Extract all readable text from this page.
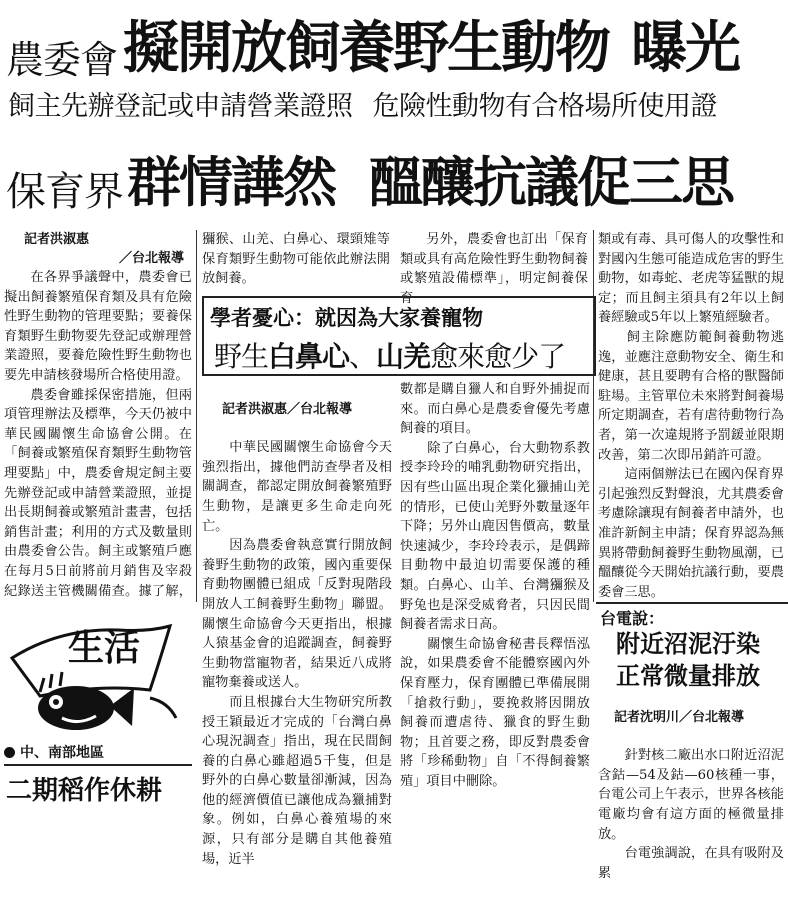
農委會 擬開放飼養野生動物 曝光
飼主先辦登記或申請營業證照 危險性動物有合格場所使用證
保育界群情譁然 醞釀抗議促三思
記者洪淑惠
／台北報導

在各界爭議聲中，農委會已擬出飼養繁殖保育類及具有危險性野生動物的管理要點；要養保育類野生動物要先登記或辦理營業證照，要養危險性野生動物也要先申請核發場所合格使用證。

農委會雖採保密措施，但兩項管理辦法及標準，今天仍被中華民國關懷生命協會公開。在「飼養或繁殖保育類野生動物管理要點」中，農委會規定飼主要先辦登記或申請營業證照，並提出長期飼養或繁殖計畫書，包括銷售計畫；利用的方式及數量則由農委會公告。飼主或繁殖戶應在每月5日前將前月銷售及宰殺紀錄送主管機關備查。據了解，

獼猴、山羌、白鼻心、環頸雉等保育類野生動物可能依此辦法開放飼養。
另外，農委會也訂出「保育類或具有高危險性野生動物飼養或繁殖設備標準」，明定飼養保育
類或有毒、具可傷人的攻擊性和對國內生態可能造成危害的野生動物，如毒蛇、老虎等猛獸的規定；而且飼主須具有2年以上飼養經驗或5年以上繁殖經驗者。
　　飼主除應防範飼養動物逃逸，並應注意動物安全、衛生和健康，甚且要聘有合格的獸醫師駐場。主管單位未來將對飼養場所定期調查，若有虐待動物行為者，第一次違規將予罰鍰並限期改善，第二次即吊銷許可證。
　　這兩個辦法已在國內保育界引起強烈反對聲浪，尤其農委會考慮除讓現有飼養者申請外，也准許新飼主申請；保育界認為無異將帶動飼養野生動物風潮，已醞釀從今天開始抗議行動，要農委會三思。
學者憂心：就因為大家養寵物
野生白鼻心、山羌愈來愈少了

記者洪淑惠／台北報導

　　中華民國關懷生命協會今天強烈指出，據他們訪查學者及相關調查，都認定開放飼養繁殖野生動物，是讓更多生命走向死亡。
　　因為農委會執意實行開放飼養野生動物的政策，國內重要保育動物團體已組成「反對現階段開放人工飼養野生動物」聯盟。關懷生命協會今天更指出，根據人猿基金會的追蹤調查，飼養野生動物當寵物者，結果近八成將寵物棄養或送人。
　　而且根據台大生物研究所教授王穎最近才完成的「台灣白鼻心現況調查」指出，現在民間飼養的白鼻心雖超過5千隻，但是野外的白鼻心數量卻漸減，因為他的經濟價值已讓他成為獵捕對象。例如，白鼻心養殖場的來源，只有部分是購自其他養殖場，近半

數都是購自獵人和自野外捕捉而來。而白鼻心是農委會優先考慮飼養的項目。
　　除了白鼻心，台大動物系教授李玲玲的哺乳動物研究指出，因有些山區出現企業化獵捕山羌的情形，已使山羌野外數量逐年下降；另外山鹿因售價高，數量快速減少，李玲玲表示，是偶蹄目動物中最迫切需要保護的種類。白鼻心、山羊、台灣獼猴及野兔也是深受威脅者，只因民間飼養者需求日高。
　　關懷生命協會秘書長釋悟泓說，如果農委會不能體察國內外保育壓力，保育團體已準備展開「搶救行動」，要挽救將因開放飼養而遭虐待、獵食的野生動物；且首要之務，即反對農委會將「珍稀動物」自「不得飼養繁殖」項目中刪除。
台電說：
附近沼泥汙染
正常微量排放

記者沈明川／台北報導

　　針對核二廠出水口附近沼泥含鈷—54及鈷—60核種一事，台電公司上午表示，世界各核能電廠均會有這方面的極微量排放。
　　台電強調說，在具有吸附及累

生活
中、南部地區
二期稻作休耕
